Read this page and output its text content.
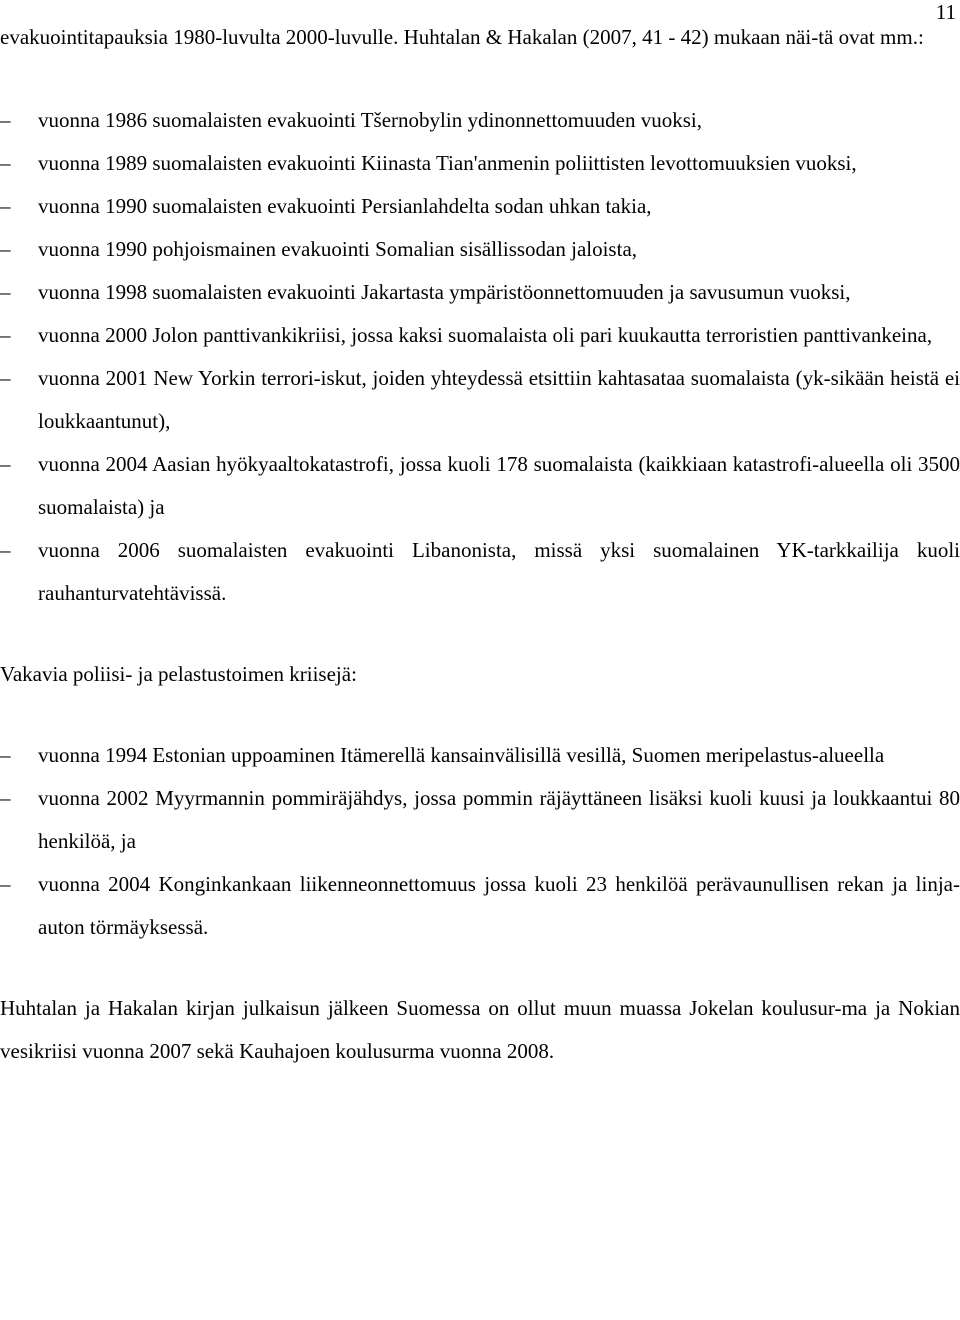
11

evakuointitapauksia 1980-luvulta 2000-luvulle. Huhtalan & Hakalan (2007, 41 - 42) mukaan näi-tä ovat mm.:

–	vuonna 1986 suomalaisten evakuointi Tšernobylin ydinonnettomuuden vuoksi,
–	vuonna 1989 suomalaisten evakuointi Kiinasta Tian'anmenin poliittisten levottomuuksien vuoksi,
–	vuonna 1990 suomalaisten evakuointi Persianlahdelta sodan uhkan takia,
–	vuonna 1990 pohjoismainen evakuointi Somalian sisällissodan jaloista,
–	vuonna 1998 suomalaisten evakuointi Jakartasta ympäristöonnettomuuden ja savusumun vuoksi,
–	vuonna 2000 Jolon panttivankikriisi, jossa kaksi suomalaista oli pari kuukautta terroristien panttivankeina,
–	vuonna 2001 New Yorkin terrori-iskut, joiden yhteydessä etsittiin kahtasataa suomalaista (yk-sikään heistä ei loukkaantunut),
–	vuonna 2004 Aasian hyökyaaltokatastrofi, jossa kuoli 178 suomalaista (kaikkiaan katastrofi-alueella oli 3500 suomalaista) ja
–	vuonna 2006 suomalaisten evakuointi Libanonista, missä yksi suomalainen YK-tarkkailija kuoli rauhanturvatehtävissä.

Vakavia poliisi- ja pelastustoimen kriisejä:

–	vuonna 1994 Estonian uppoaminen Itämerellä kansainvälisillä vesillä, Suomen meripelastus-alueella
–	vuonna 2002 Myyrmannin pommiräjähdys, jossa pommin räjäyttäneen lisäksi kuoli kuusi ja loukkaantui 80 henkilöä, ja
–	vuonna 2004 Konginkankaan liikenneonnettomuus jossa kuoli 23 henkilöä perävaunullisen rekan ja linja-auton törmäyksessä.

Huhtalan ja Hakalan kirjan julkaisun jälkeen Suomessa on ollut muun muassa Jokelan koulusur-ma ja Nokian vesikriisi vuonna 2007 sekä Kauhajoen koulusurma vuonna 2008.
